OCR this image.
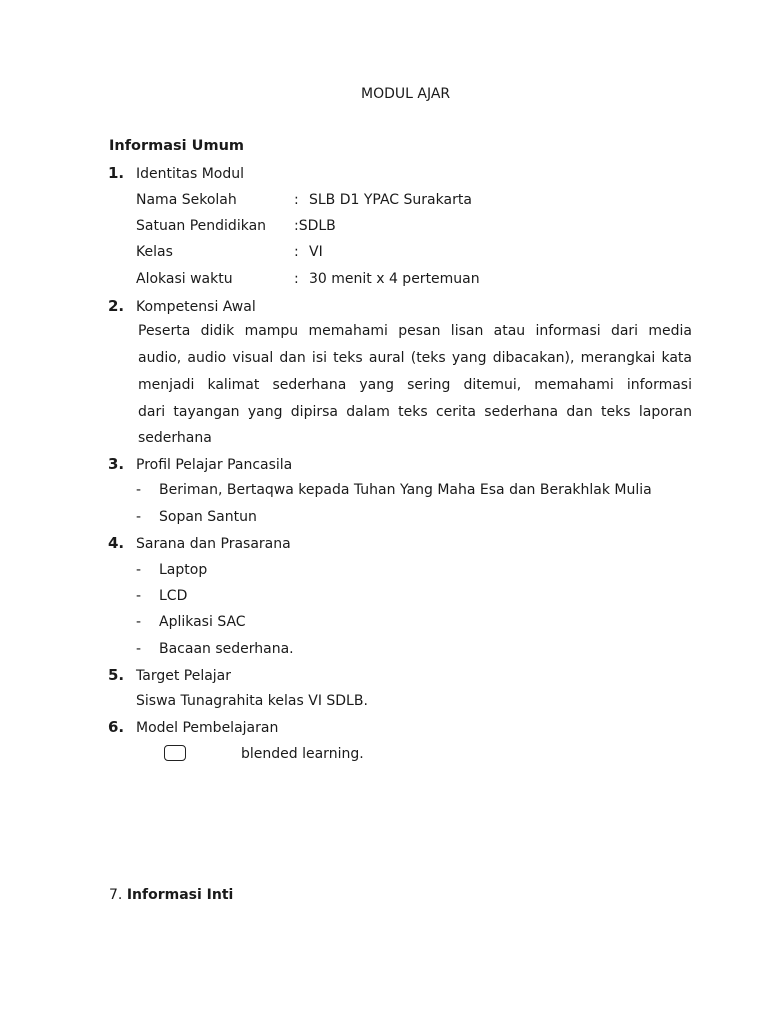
MODUL AJAR
Informasi Umum
1. Identitas Modul
Nama Sekolah	: SLB D1 YPAC Surakarta
Satuan Pendidikan :SDLB
Kelas	: VI
Alokasi waktu	: 30 menit x 4 pertemuan
2. Kompetensi Awal
Peserta didik mampu memahami pesan lisan atau informasi dari media
audio, audio visual dan isi teks aural (teks yang dibacakan), merangkai kata
menjadi kalimat sederhana yang sering ditemui, memahami informasi
dari tayangan yang dipirsa dalam teks cerita sederhana dan teks laporan
sederhana
3. Profil Pelajar Pancasila
- Beriman, Bertaqwa kepada Tuhan Yang Maha Esa dan Berakhlak Mulia
- Sopan Santun
4. Sarana dan Prasarana
- Laptop
- LCD
- Aplikasi SAC
- Bacaan sederhana.
5. Target Pelajar
Siswa Tunagrahita kelas VI SDLB.
6. Model Pembelajaran
blended learning.
7. Informasi Inti
